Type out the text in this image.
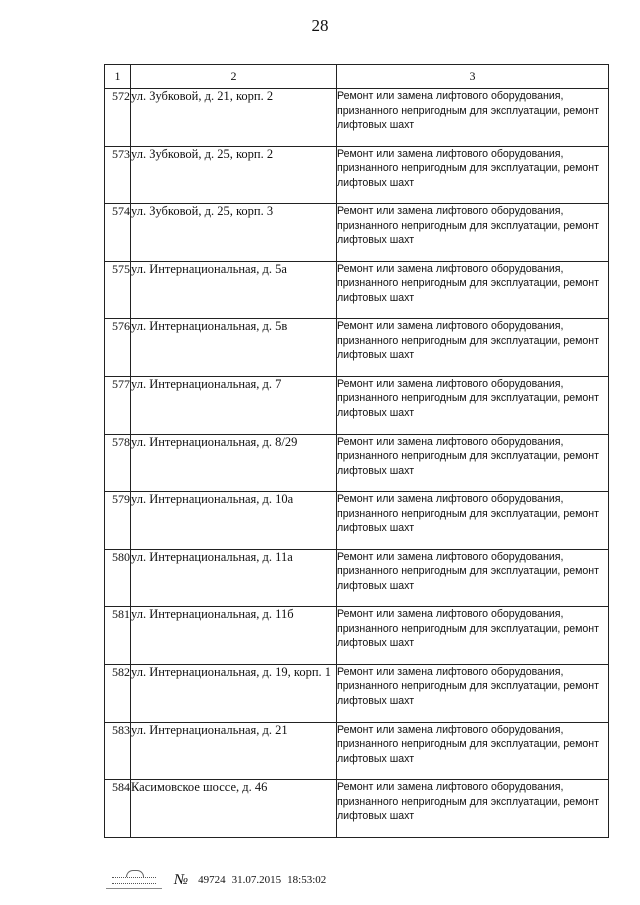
28
1	2	3
572	ул. Зубковой, д. 21, корп. 2	Ремонт или замена лифтового оборудования, признанного непригодным для эксплуатации, ремонт лифтовых шахт
573	ул. Зубковой, д. 25, корп. 2	Ремонт или замена лифтового оборудования, признанного непригодным для эксплуатации, ремонт лифтовых шахт
574	ул. Зубковой, д. 25, корп. 3	Ремонт или замена лифтового оборудования, признанного непригодным для эксплуатации, ремонт лифтовых шахт
575	ул. Интернациональная, д. 5а	Ремонт или замена лифтового оборудования, признанного непригодным для эксплуатации, ремонт лифтовых шахт
576	ул. Интернациональная, д. 5в	Ремонт или замена лифтового оборудования, признанного непригодным для эксплуатации, ремонт лифтовых шахт
577	ул. Интернациональная, д. 7	Ремонт или замена лифтового оборудования, признанного непригодным для эксплуатации, ремонт лифтовых шахт
578	ул. Интернациональная, д. 8/29	Ремонт или замена лифтового оборудования, признанного непригодным для эксплуатации, ремонт лифтовых шахт
579	ул. Интернациональная, д. 10а	Ремонт или замена лифтового оборудования, признанного непригодным для эксплуатации, ремонт лифтовых шахт
580	ул. Интернациональная, д. 11а	Ремонт или замена лифтового оборудования, признанного непригодным для эксплуатации, ремонт лифтовых шахт
581	ул. Интернациональная, д. 11б	Ремонт или замена лифтового оборудования, признанного непригодным для эксплуатации, ремонт лифтовых шахт
582	ул. Интернациональная, д. 19, корп. 1	Ремонт или замена лифтового оборудования, признанного непригодным для эксплуатации, ремонт лифтовых шахт
583	ул. Интернациональная, д. 21	Ремонт или замена лифтового оборудования, признанного непригодным для эксплуатации, ремонт лифтовых шахт
584	Касимовское шоссе, д. 46	Ремонт или замена лифтового оборудования, признанного непригодным для эксплуатации, ремонт лифтовых шахт
№ 49724 31.07.2015 18:53:02
